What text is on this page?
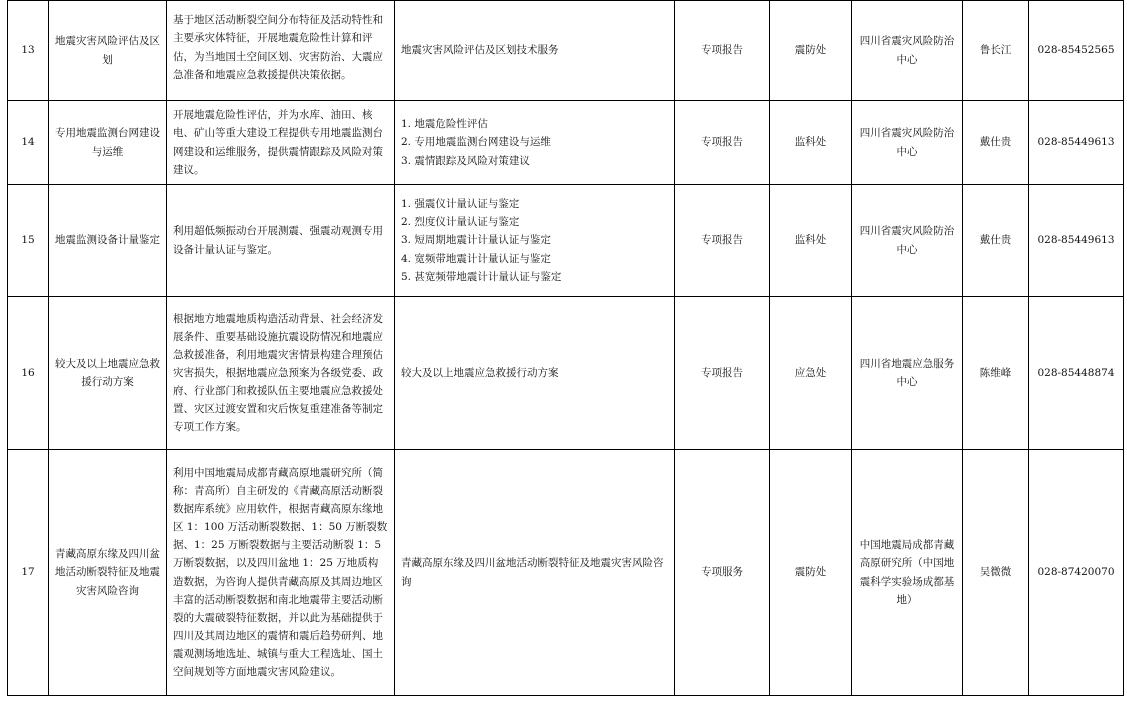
13	地震灾害风险评估及区划	基于地区活动断裂空间分布特征及活动特性和主要承灾体特征，开展地震危险性计算和评估，为当地国土空间区划、灾害防治、大震应急准备和地震应急救援提供决策依据。	地震灾害风险评估及区划技术服务	专项报告	震防处	四川省震灾风险防治中心	鲁长江	028-85452565
14	专用地震监测台网建设与运维	开展地震危险性评估，并为水库、油田、核电、矿山等重大建设工程提供专用地震监测台网建设和运维服务，提供震情跟踪及风险对策建议。	1. 地震危险性评估
2. 专用地震监测台网建设与运维
3. 震情跟踪及风险对策建议	专项报告	监科处	四川省震灾风险防治中心	戴仕贵	028-85449613
15	地震监测设备计量鉴定	利用超低频振动台开展测震、强震动观测专用设备计量认证与鉴定。	1. 强震仪计量认证与鉴定
2. 烈度仪计量认证与鉴定
3. 短周期地震计计量认证与鉴定
4. 宽频带地震计计量认证与鉴定
5. 甚宽频带地震计计量认证与鉴定	专项报告	监科处	四川省震灾风险防治中心	戴仕贵	028-85449613
16	较大及以上地震应急救援行动方案	根据地方地震地质构造活动背景、社会经济发展条件、重要基础设施抗震设防情况和地震应急救援准备，利用地震灾害情景构建合理预估灾害损失，根据地震应急预案为各级党委、政府、行业部门和救援队伍主要地震应急救援处置、灾区过渡安置和灾后恢复重建准备等制定专项工作方案。	较大及以上地震应急救援行动方案	专项报告	应急处	四川省地震应急服务中心	陈维峰	028-85448874
17	青藏高原东缘及四川盆地活动断裂特征及地震灾害风险咨询	利用中国地震局成都青藏高原地震研究所（简称：青高所）自主研发的《青藏高原活动断裂数据库系统》应用软件，根据青藏高原东缘地区 1：100 万活动断裂数据、1：50 万断裂数据、1：25 万断裂数据与主要活动断裂 1：5 万断裂数据，以及四川盆地 1：25 万地质构造数据，为咨询人提供青藏高原及其周边地区丰富的活动断裂数据和南北地震带主要活动断裂的大震破裂特征数据，并以此为基础提供于四川及其周边地区的震情和震后趋势研判、地震观测场地选址、城镇与重大工程选址、国土空间规划等方面地震灾害风险建议。	青藏高原东缘及四川盆地活动断裂特征及地震灾害风险咨询	专项服务	震防处	中国地震局成都青藏高原研究所（中国地震科学实验场成都基地）	吴微微	028-87420070
